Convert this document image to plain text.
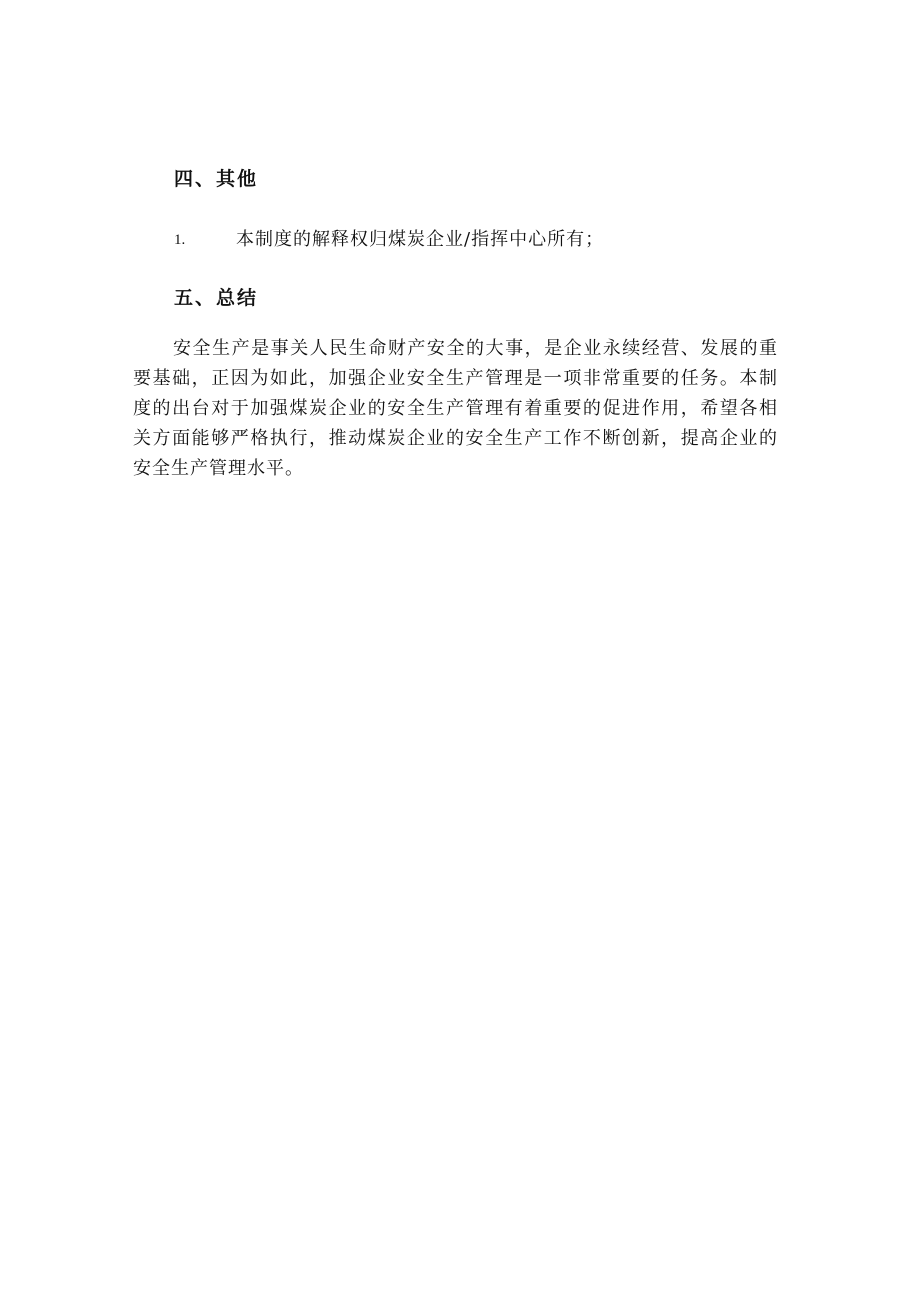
四、其他
1.	本制度的解释权归煤炭企业/指挥中心所有；
五、总结

安全生产是事关人民生命财产安全的大事，是企业永续经营、发展的重要基础，正因为如此，加强企业安全生产管理是一项非常重要的任务。本制度的出台对于加强煤炭企业的安全生产管理有着重要的促进作用，希望各相关方面能够严格执行，推动煤炭企业的安全生产工作不断创新，提高企业的安全生产管理水平。
